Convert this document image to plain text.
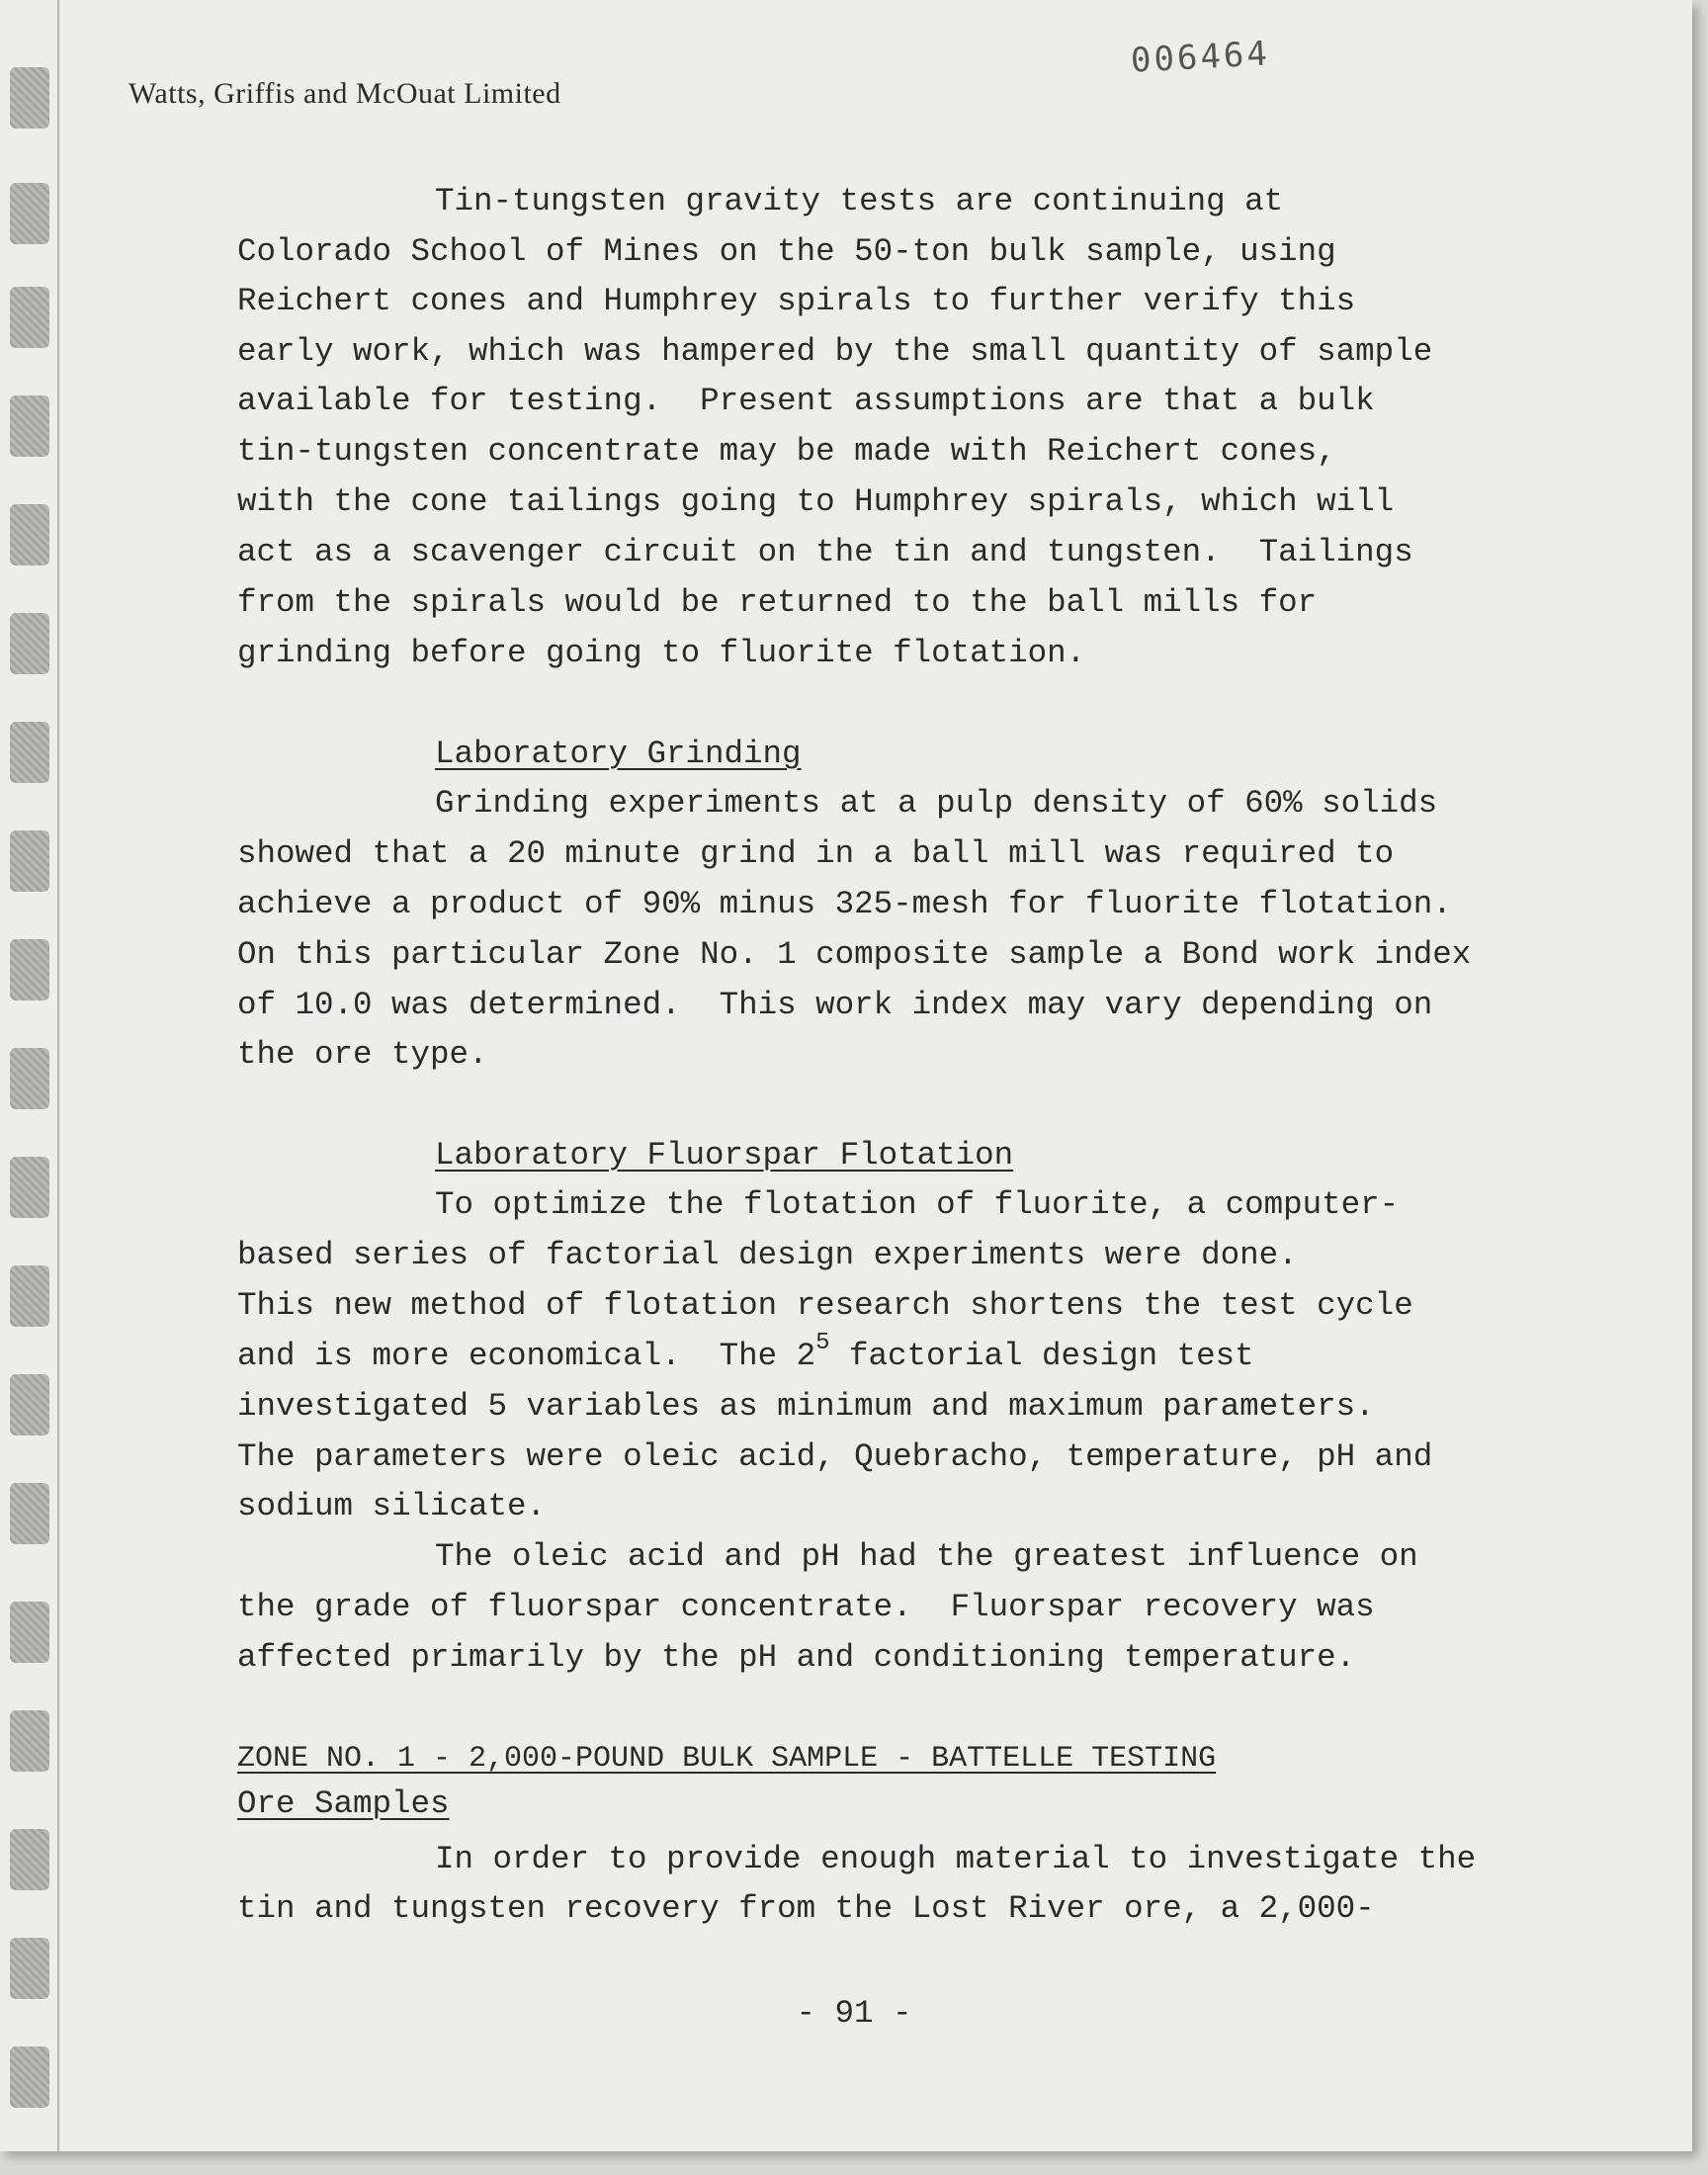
Watts, Griffis and McOuat Limited
006464
Tin-tungsten gravity tests are continuing at
Colorado School of Mines on the 50-ton bulk sample, using
Reichert cones and Humphrey spirals to further verify this
early work, which was hampered by the small quantity of sample
available for testing.  Present assumptions are that a bulk
tin-tungsten concentrate may be made with Reichert cones,
with the cone tailings going to Humphrey spirals, which will
act as a scavenger circuit on the tin and tungsten.  Tailings
from the spirals would be returned to the ball mills for
grinding before going to fluorite flotation.
Laboratory Grinding
Grinding experiments at a pulp density of 60% solids
showed that a 20 minute grind in a ball mill was required to
achieve a product of 90% minus 325-mesh for fluorite flotation.
On this particular Zone No. 1 composite sample a Bond work index
of 10.0 was determined.  This work index may vary depending on
the ore type.
Laboratory Fluorspar Flotation
To optimize the flotation of fluorite, a computer-
based series of factorial design experiments were done.
This new method of flotation research shortens the test cycle
and is more economical.  The $2^5$ factorial design test
investigated 5 variables as minimum and maximum parameters.
The parameters were oleic acid, Quebracho, temperature, pH and
sodium silicate.
The oleic acid and pH had the greatest influence on
the grade of fluorspar concentrate.  Fluorspar recovery was
affected primarily by the pH and conditioning temperature.
ZONE NO. 1 - 2,000-POUND BULK SAMPLE - BATTELLE TESTING
Ore Samples
In order to provide enough material to investigate the
tin and tungsten recovery from the Lost River ore, a 2,000-
- 91 -
